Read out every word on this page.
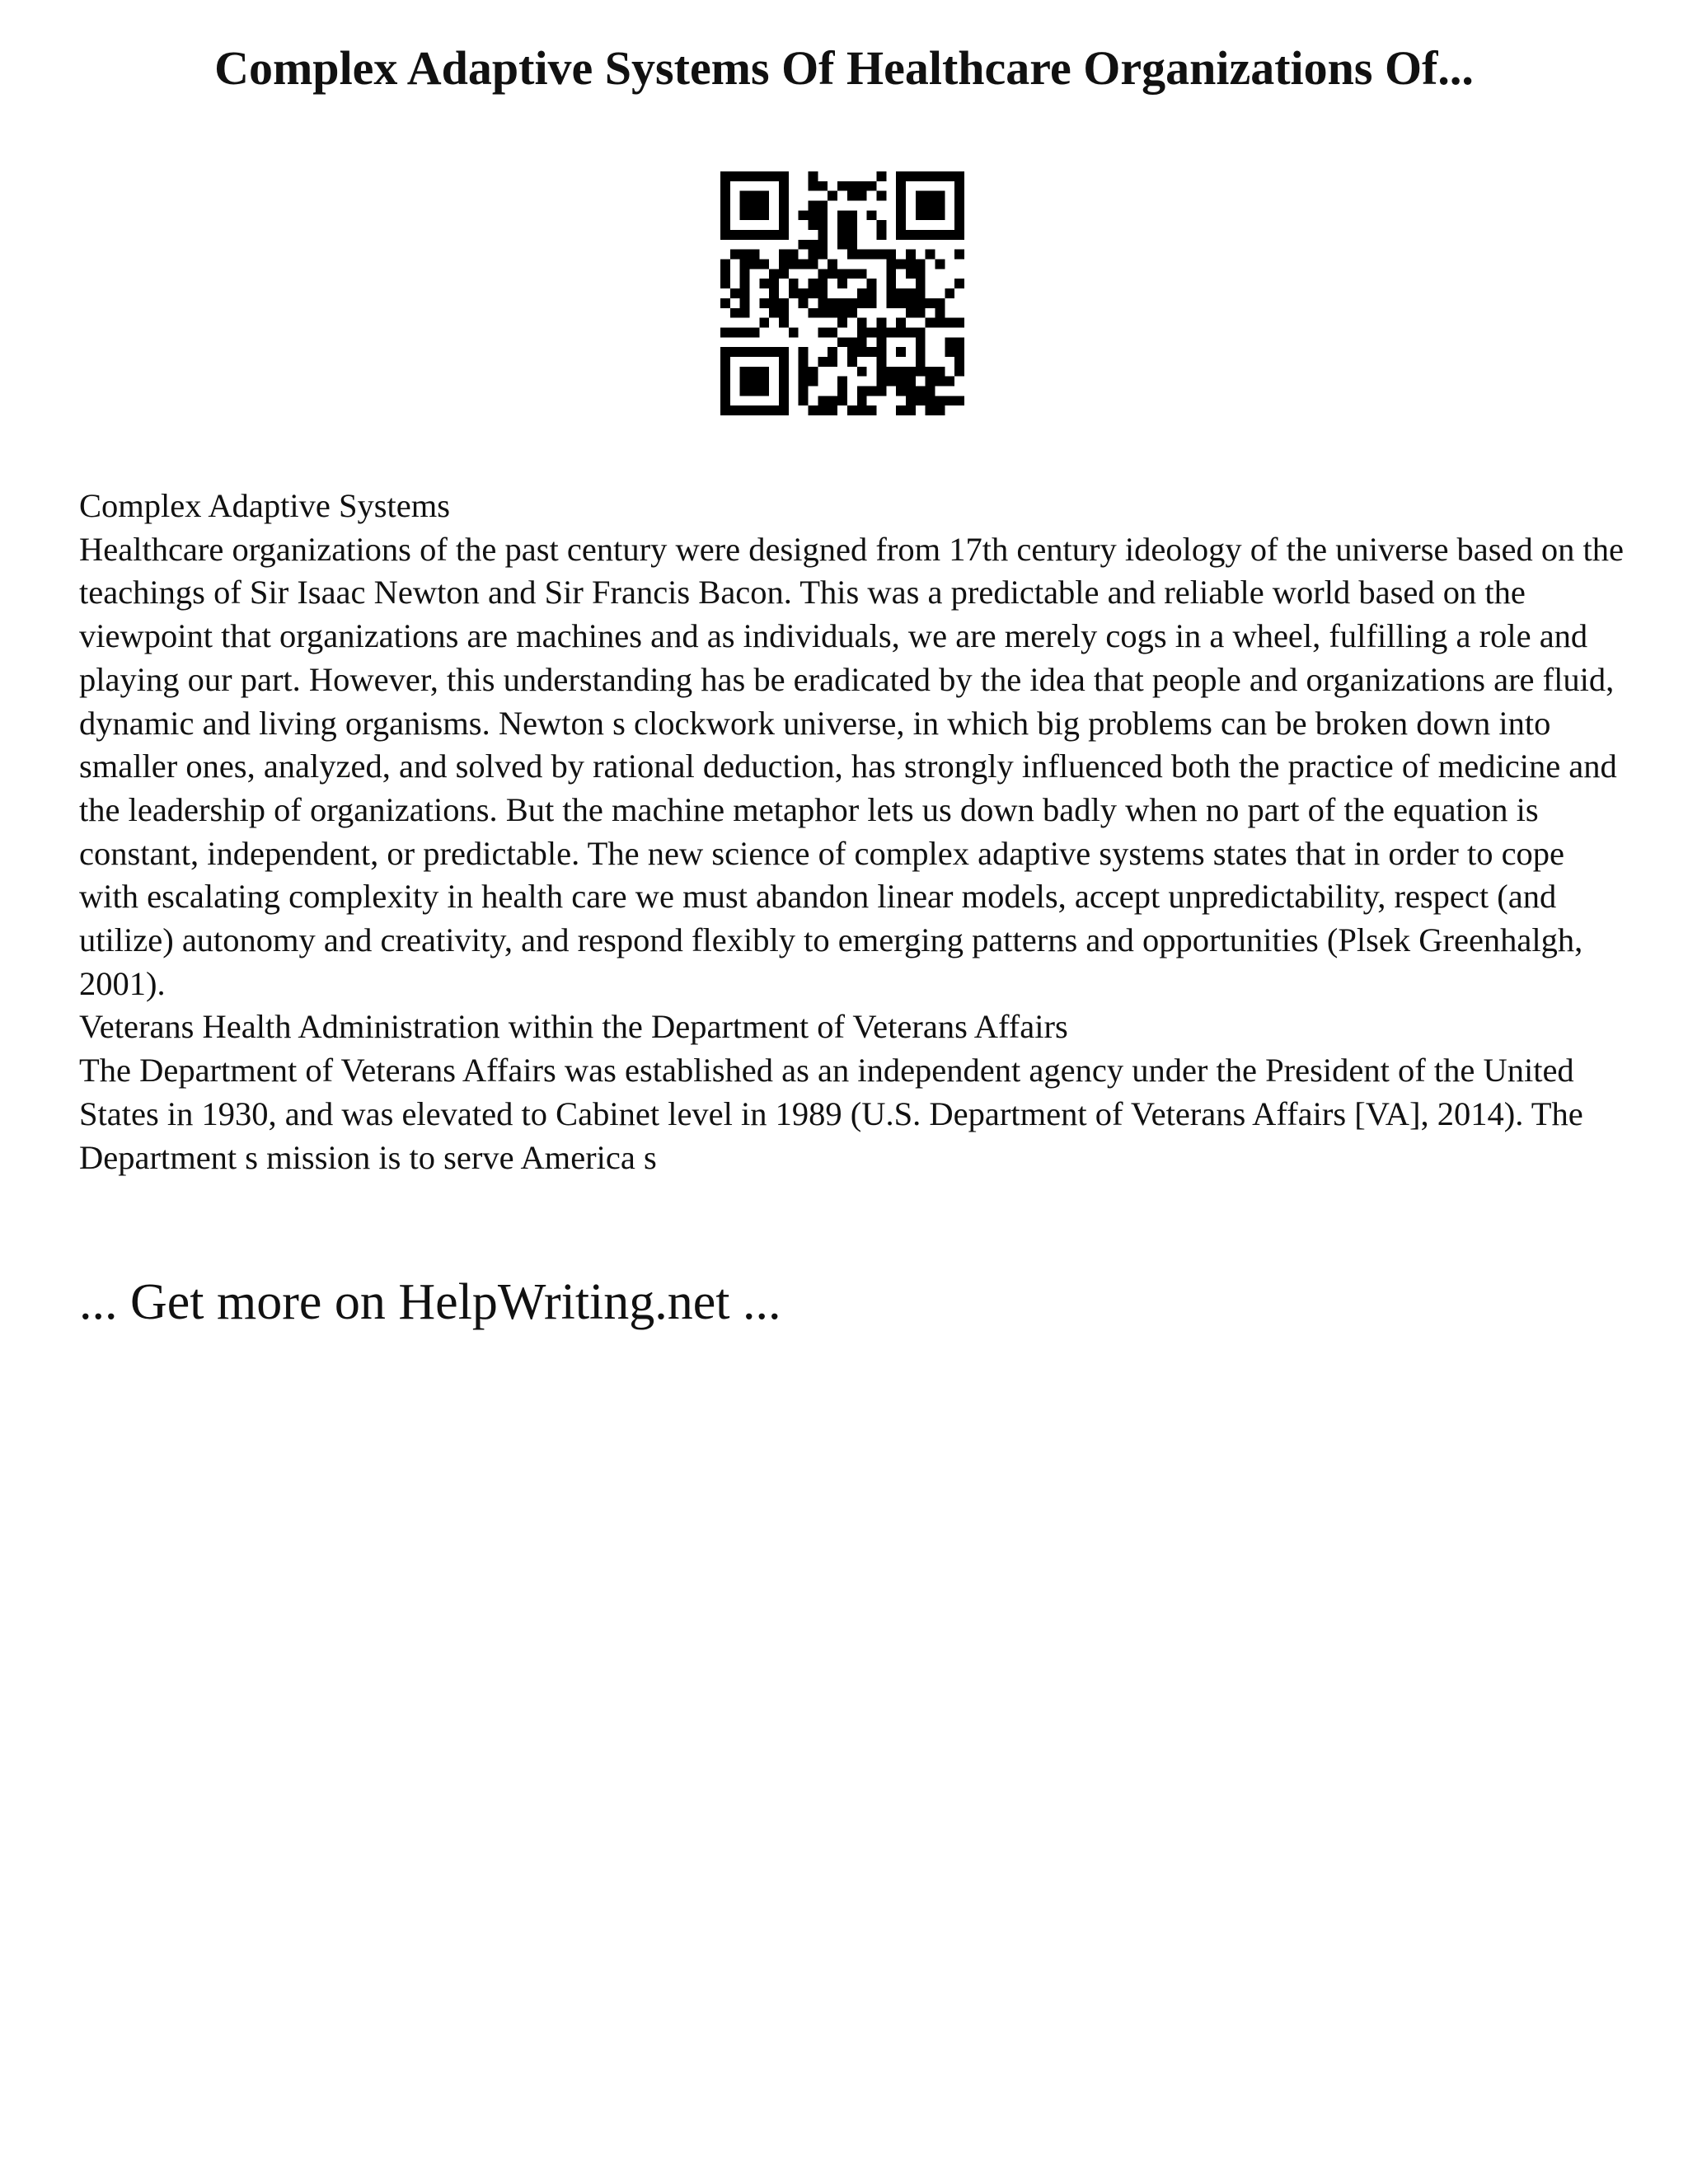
Complex Adaptive Systems Of Healthcare Organizations Of...

Complex Adaptive Systems

Healthcare organizations of the past century were designed from 17th century ideology of the universe based on the teachings of Sir Isaac Newton and Sir Francis Bacon. This was a predictable and reliable world based on the viewpoint that organizations are machines and as individuals, we are merely cogs in a wheel, fulfilling a role and playing our part. However, this understanding has be eradicated by the idea that people and organizations are fluid, dynamic and living organisms. Newton s clockwork universe, in which big problems can be broken down into smaller ones, analyzed, and solved by rational deduction, has strongly influenced both the practice of medicine and the leadership of organizations. But the machine metaphor lets us down badly when no part of the equation is constant, independent, or predictable. The new science of complex adaptive systems states that in order to cope with escalating complexity in health care we must abandon linear models, accept unpredictability, respect (and utilize) autonomy and creativity, and respond flexibly to emerging patterns and opportunities (Plsek Greenhalgh, 2001).

Veterans Health Administration within the Department of Veterans Affairs

The Department of Veterans Affairs was established as an independent agency under the President of the United States in 1930, and was elevated to Cabinet level in 1989 (U.S. Department of Veterans Affairs [VA], 2014). The Department s mission is to serve America s

... Get more on HelpWriting.net ...
